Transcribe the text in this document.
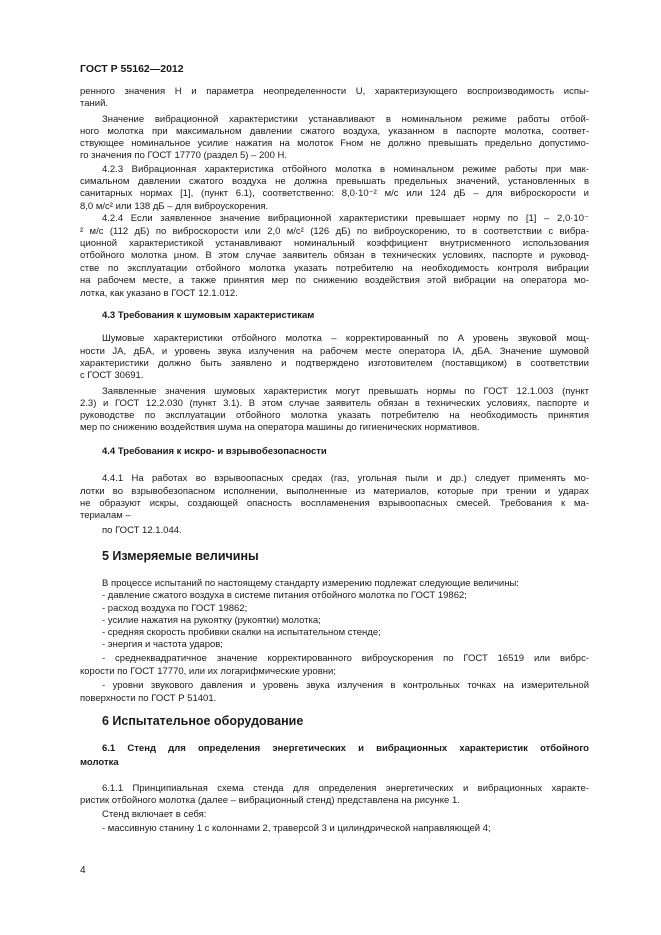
ГОСТ Р 55162—2012
ренного значения H и параметра неопределенности U, характеризующего воспроизводимость испы-
таний.
Значение вибрационной характеристики устанавливают в номинальном режиме работы отбой-
ного молотка при максимальном давлении сжатого воздуха, указанном в паспорте молотка, соответ-
ствующее номинальное усилие нажатия на молоток Fном не должно превышать предельно допустимо-
го значения по ГОСТ 17770 (раздел 5) – 200 Н.
4.2.3 Вибрационная характеристика отбойного молотка в номинальном режиме работы при мак-
симальном давлении сжатого воздуха не должна превышать предельных значений, установленных в
санитарных нормах [1], (пункт 6.1), соответственно: 8,0·10⁻² м/с или 124 дБ – для виброскорости и
8,0 м/с² или 138 дБ – для виброускорения.
4.2.4 Если заявленное значение вибрационной характеристики превышает норму по [1] – 2,0·10⁻
² м/с (112 дБ) по виброскорости или 2,0 м/с² (126 дБ) по виброускорению, то в соответствии с вибра-
ционной характеристикой устанавливают номинальный коэффициент внутрисменного использования
отбойного молотка μном. В этом случае заявитель обязан в технических условиях, паспорте и руковод-
стве по эксплуатации отбойного молотка указать потребителю на необходимость контроля вибрации
на рабочем месте, а также принятия мер по снижению воздействия этой вибрации на оператора мо-
лотка, как указано в ГОСТ 12.1.012.
4.3 Требования к шумовым характеристикам
Шумовые характеристики отбойного молотка – корректированный по A уровень звуковой мощ-
ности JA, дБA, и уровень звука излучения на рабочем месте оператора IA, дБA. Значение шумовой
характеристики должно быть заявлено и подтверждено изготовителем (поставщиком) в соответствии
с ГОСТ 30691.
Заявленные значения шумовых характеристик могут превышать нормы по ГОСТ 12.1.003 (пункт
2.3) и ГОСТ 12.2.030 (пункт 3.1). В этом случае заявитель обязан в технических условиях, паспорте и
руководстве по эксплуатации отбойного молотка указать потребителю на необходимость принятия
мер по снижению воздействия шума на оператора машины до гигиенических нормативов.
4.4 Требования к искро- и взрывобезопасности
4.4.1 На работах во взрывоопасных средах (газ, угольная пыли и др.) следует применять мо-
лотки во взрывобезопасном исполнении, выполненные из материалов, которые при трении и ударах
не образуют искры, создающей опасность воспламенения взрывоопасных смесей. Требования к ма-
териалам –
по ГОСТ 12.1.044.
5 Измеряемые величины
В процессе испытаний по настоящему стандарту измерению подлежат следующие величины:
- давление сжатого воздуха в системе питания отбойного молотка по ГОСТ 19862;
- расход воздуха по ГОСТ 19862;
- усилие нажатия на рукоятку (рукоятки) молотка;
- средняя скорость пробивки скалки на испытательном стенде;
- энергия и частота ударов;
- среднеквадратичное значение корректированного виброускорения по ГОСТ 16519 или вибрс-
корости по ГОСТ 17770, или их логарифмические уровни;
- уровни звукового давления и уровень звука излучения в контрольных точках на измерительной
поверхности по ГОСТ Р 51401.
6 Испытательное оборудование
6.1 Стенд для определения энергетических и вибрационных характеристик отбойного
молотка
6.1.1 Принципиальная схема стенда для определения энергетических и вибрационных характе-
ристик отбойного молотка (далее – вибрационный стенд) представлена на рисунке 1.
Стенд включает в себя:
- массивную станину 1 с колоннами 2, траверсой 3 и цилиндрической направляющей 4;
4
